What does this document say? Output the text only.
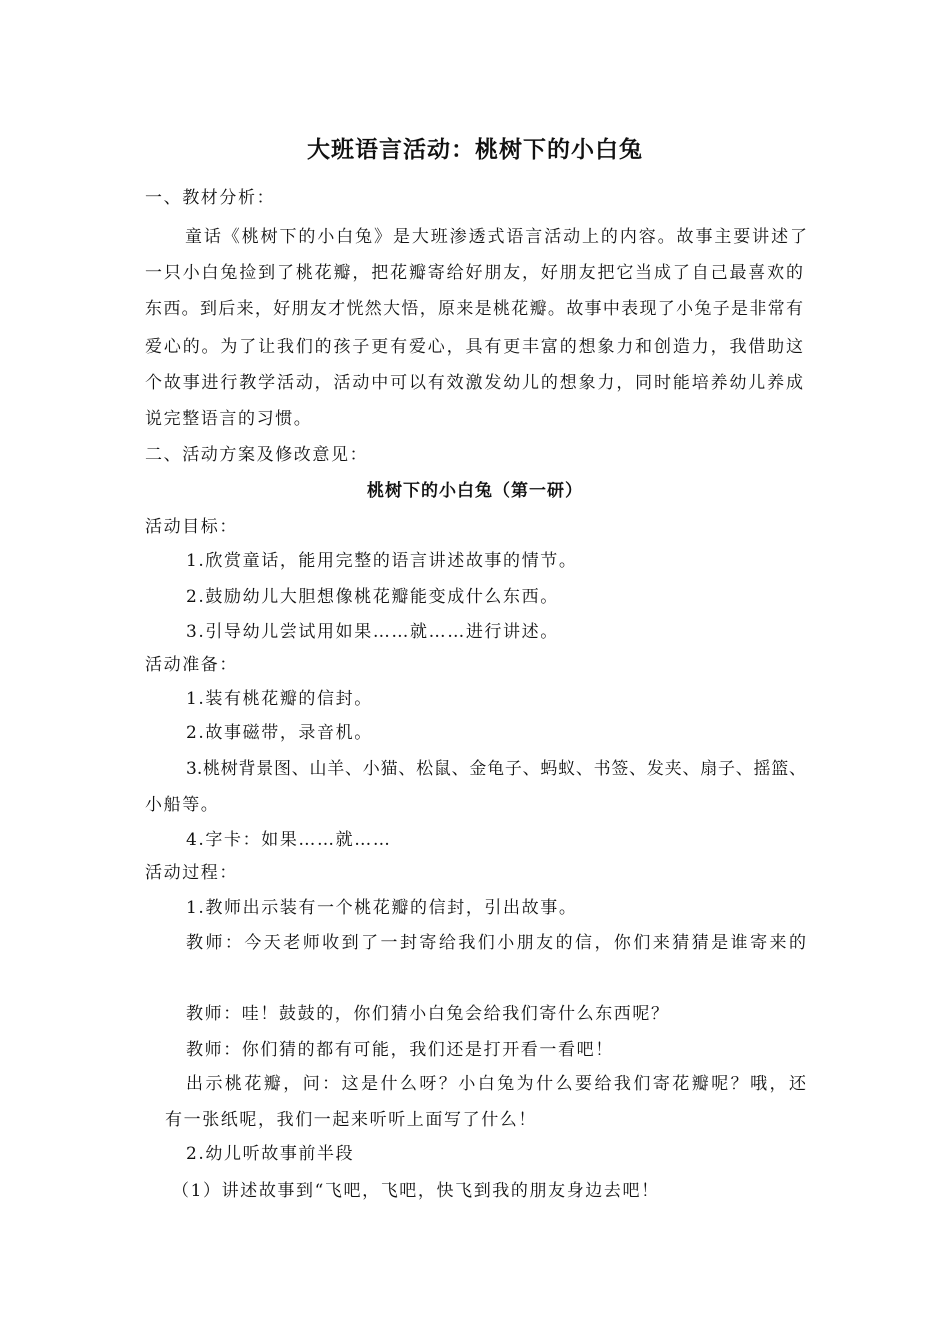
大班语言活动：桃树下的小白兔
一、教材分析：
童话《桃树下的小白兔》是大班渗透式语言活动上的内容。故事主要讲述了
一只小白兔捡到了桃花瓣，把花瓣寄给好朋友，好朋友把它当成了自己最喜欢的
东西。到后来，好朋友才恍然大悟，原来是桃花瓣。故事中表现了小兔子是非常有
爱心的。为了让我们的孩子更有爱心，具有更丰富的想象力和创造力，我借助这
个故事进行教学活动，活动中可以有效激发幼儿的想象力，同时能培养幼儿养成
说完整语言的习惯。
二、活动方案及修改意见：
桃树下的小白兔（第一研）
活动目标：
1.欣赏童话，能用完整的语言讲述故事的情节。
2.鼓励幼儿大胆想像桃花瓣能变成什么东西。
3.引导幼儿尝试用如果……就……进行讲述。
活动准备：
1.装有桃花瓣的信封。
2.故事磁带，录音机。
3.桃树背景图、山羊、小猫、松鼠、金龟子、蚂蚁、书签、发夹、扇子、摇篮、
小船等。
4.字卡：如果……就……
活动过程：
1.教师出示装有一个桃花瓣的信封，引出故事。
教师：今天老师收到了一封寄给我们小朋友的信，你们来猜猜是谁寄来的
教师：哇！鼓鼓的，你们猜小白兔会给我们寄什么东西呢？
教师：你们猜的都有可能，我们还是打开看一看吧！
出示桃花瓣，问：这是什么呀？小白兔为什么要给我们寄花瓣呢？哦，还
有一张纸呢，我们一起来听听上面写了什么！
2.幼儿听故事前半段
（1）讲述故事到“飞吧，飞吧，快飞到我的朋友身边去吧！
